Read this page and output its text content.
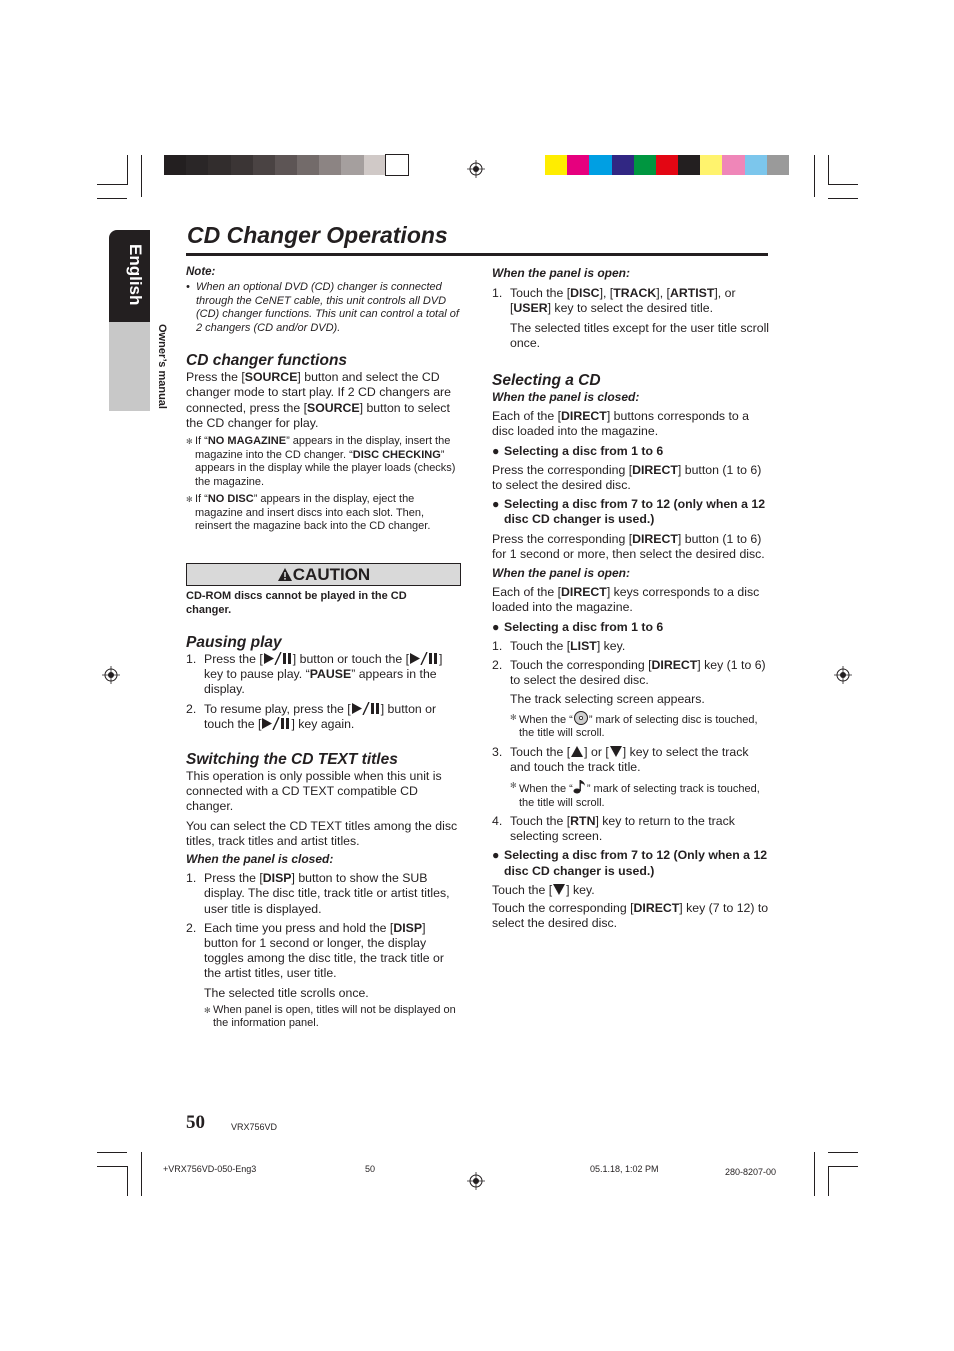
English
Owner’s manual
CD Changer Operations
Note:
• When an optional DVD (CD) changer is connected through the CeNET cable, this unit controls all DVD (CD) changer functions. This unit can control a total of 2 changers (CD and/or DVD).
CD changer functions

Press the [SOURCE] button and select the CD changer mode to start play. If 2 CD changers are connected, press the [SOURCE] button to select the CD changer for play.

✻ If “NO MAGAZINE” appears in the display, insert the magazine into the CD changer. “DISC CHECKING” appears in the display while the player loads (checks) the magazine.
✻ If “NO DISC” appears in the display, eject the magazine and insert discs into each slot. Then, reinsert the magazine back into the CD changer.
CAUTION
CD-ROM discs cannot be played in the CD changer.
Pausing play
1. Press the [ ] button or touch the [ ] key to pause play. “PAUSE” appears in the display.
2. To resume play, press the [ ] button or touch the [ ] key again.
Switching the CD TEXT titles

This operation is only possible when this unit is connected with a CD TEXT compatible CD changer.

You can select the CD TEXT titles among the disc titles, track titles and artist titles.

When the panel is closed:
1. Press the [DISP] button to show the SUB display. The disc title, track title or artist titles, user title is displayed.
2. Each time you press and hold the [DISP] button for 1 second or longer, the display toggles among the disc title, the track title or the artist titles, user title.

The selected title scrolls once.

✻ When panel is open, titles will not be displayed on the information panel.
When the panel is open:
1. Touch the [DISC], [TRACK], [ARTIST], or [USER] key to select the desired title.

The selected titles except for the user title scroll once.

Selecting a CD
When the panel is closed:

Each of the [DIRECT] buttons corresponds to a disc loaded into the magazine.

● Selecting a disc from 1 to 6

Press the corresponding [DIRECT] button (1 to 6) to select the desired disc.

● Selecting a disc from 7 to 12 (only when a 12 disc CD changer is used.)

Press the corresponding [DIRECT] button (1 to 6) for 1 second or more, then select the desired disc.

When the panel is open:

Each of the [DIRECT] keys corresponds to a disc loaded into the magazine.

● Selecting a disc from 1 to 6
1. Touch the [LIST] key.
2. Touch the corresponding [DIRECT] key (1 to 6) to select the desired disc.

The track selecting screen appears.

✻ When the “ ” mark of selecting disc is touched, the title will scroll.
3. Touch the [ ] or [ ] key to select the track and touch the track title.
✻ When the “ ” mark of selecting track is touched, the title will scroll.
4. Touch the [RTN] key to return to the track selecting screen.
● Selecting a disc from 7 to 12 (Only when a 12 disc CD changer is used.)

Touch the [ ] key.

Touch the corresponding [DIRECT] key (7 to 12) to select the desired disc.

50	VRX756VD
+VRX756VD-050-Eng3	50	05.1.18, 1:02 PM	280-8207-00
